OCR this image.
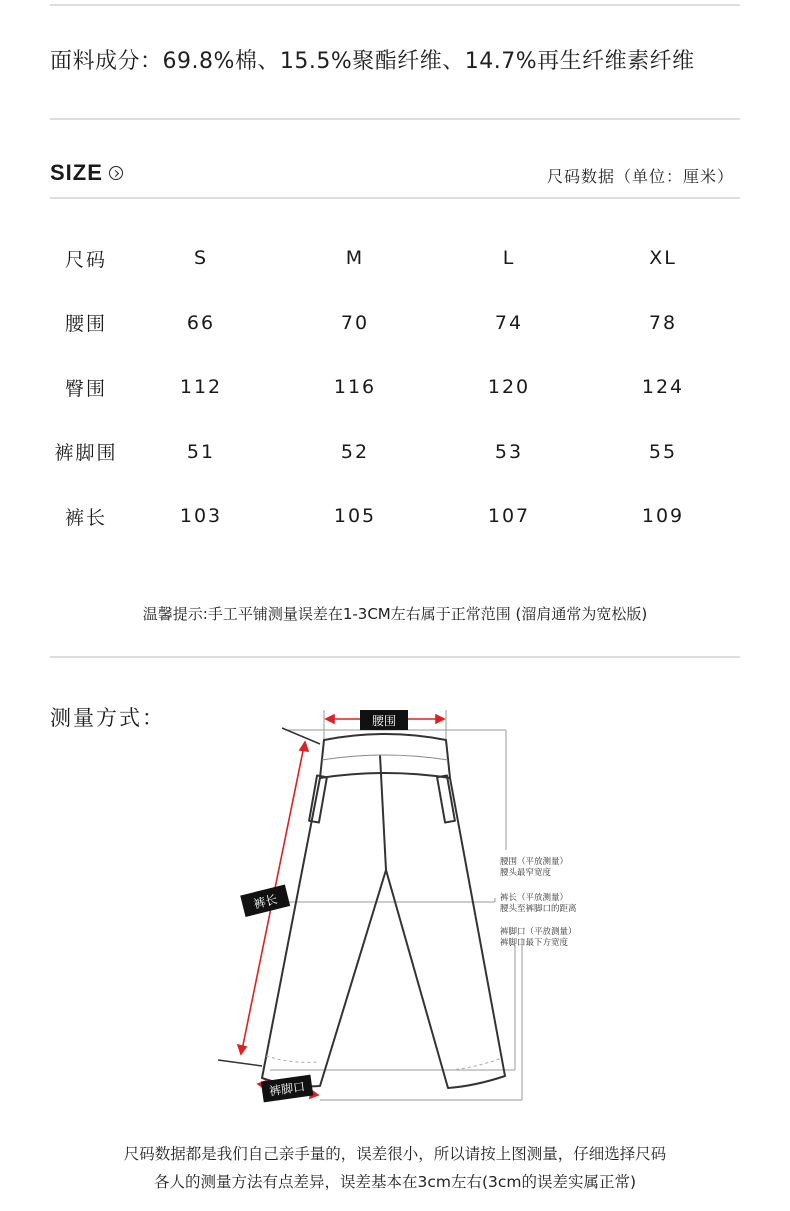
面料成分：69.8%棉、15.5%聚酯纤维、14.7%再生纤维素纤维
SIZE	尺码数据（单位：厘米）
尺码	S	M	L	XL
腰围	66	70	74	78
臀围	112	116	120	124
裤脚围	51	52	53	55
裤长	103	105	107	109
温馨提示:手工平铺测量误差在1-3CM左右属于正常范围 (溜肩通常为宽松版)
测量方式：	腰围
裤长
裤脚口
腰围（平放测量）
腰头最窄宽度
裤长（平放测量）
腰头至裤脚口的距离
裤脚口（平放测量）
裤脚口最下方宽度
尺码数据都是我们自己亲手量的，误差很小，所以请按上图测量，仔细选择尺码
各人的测量方法有点差异，误差基本在3cm左右(3cm的误差实属正常)
